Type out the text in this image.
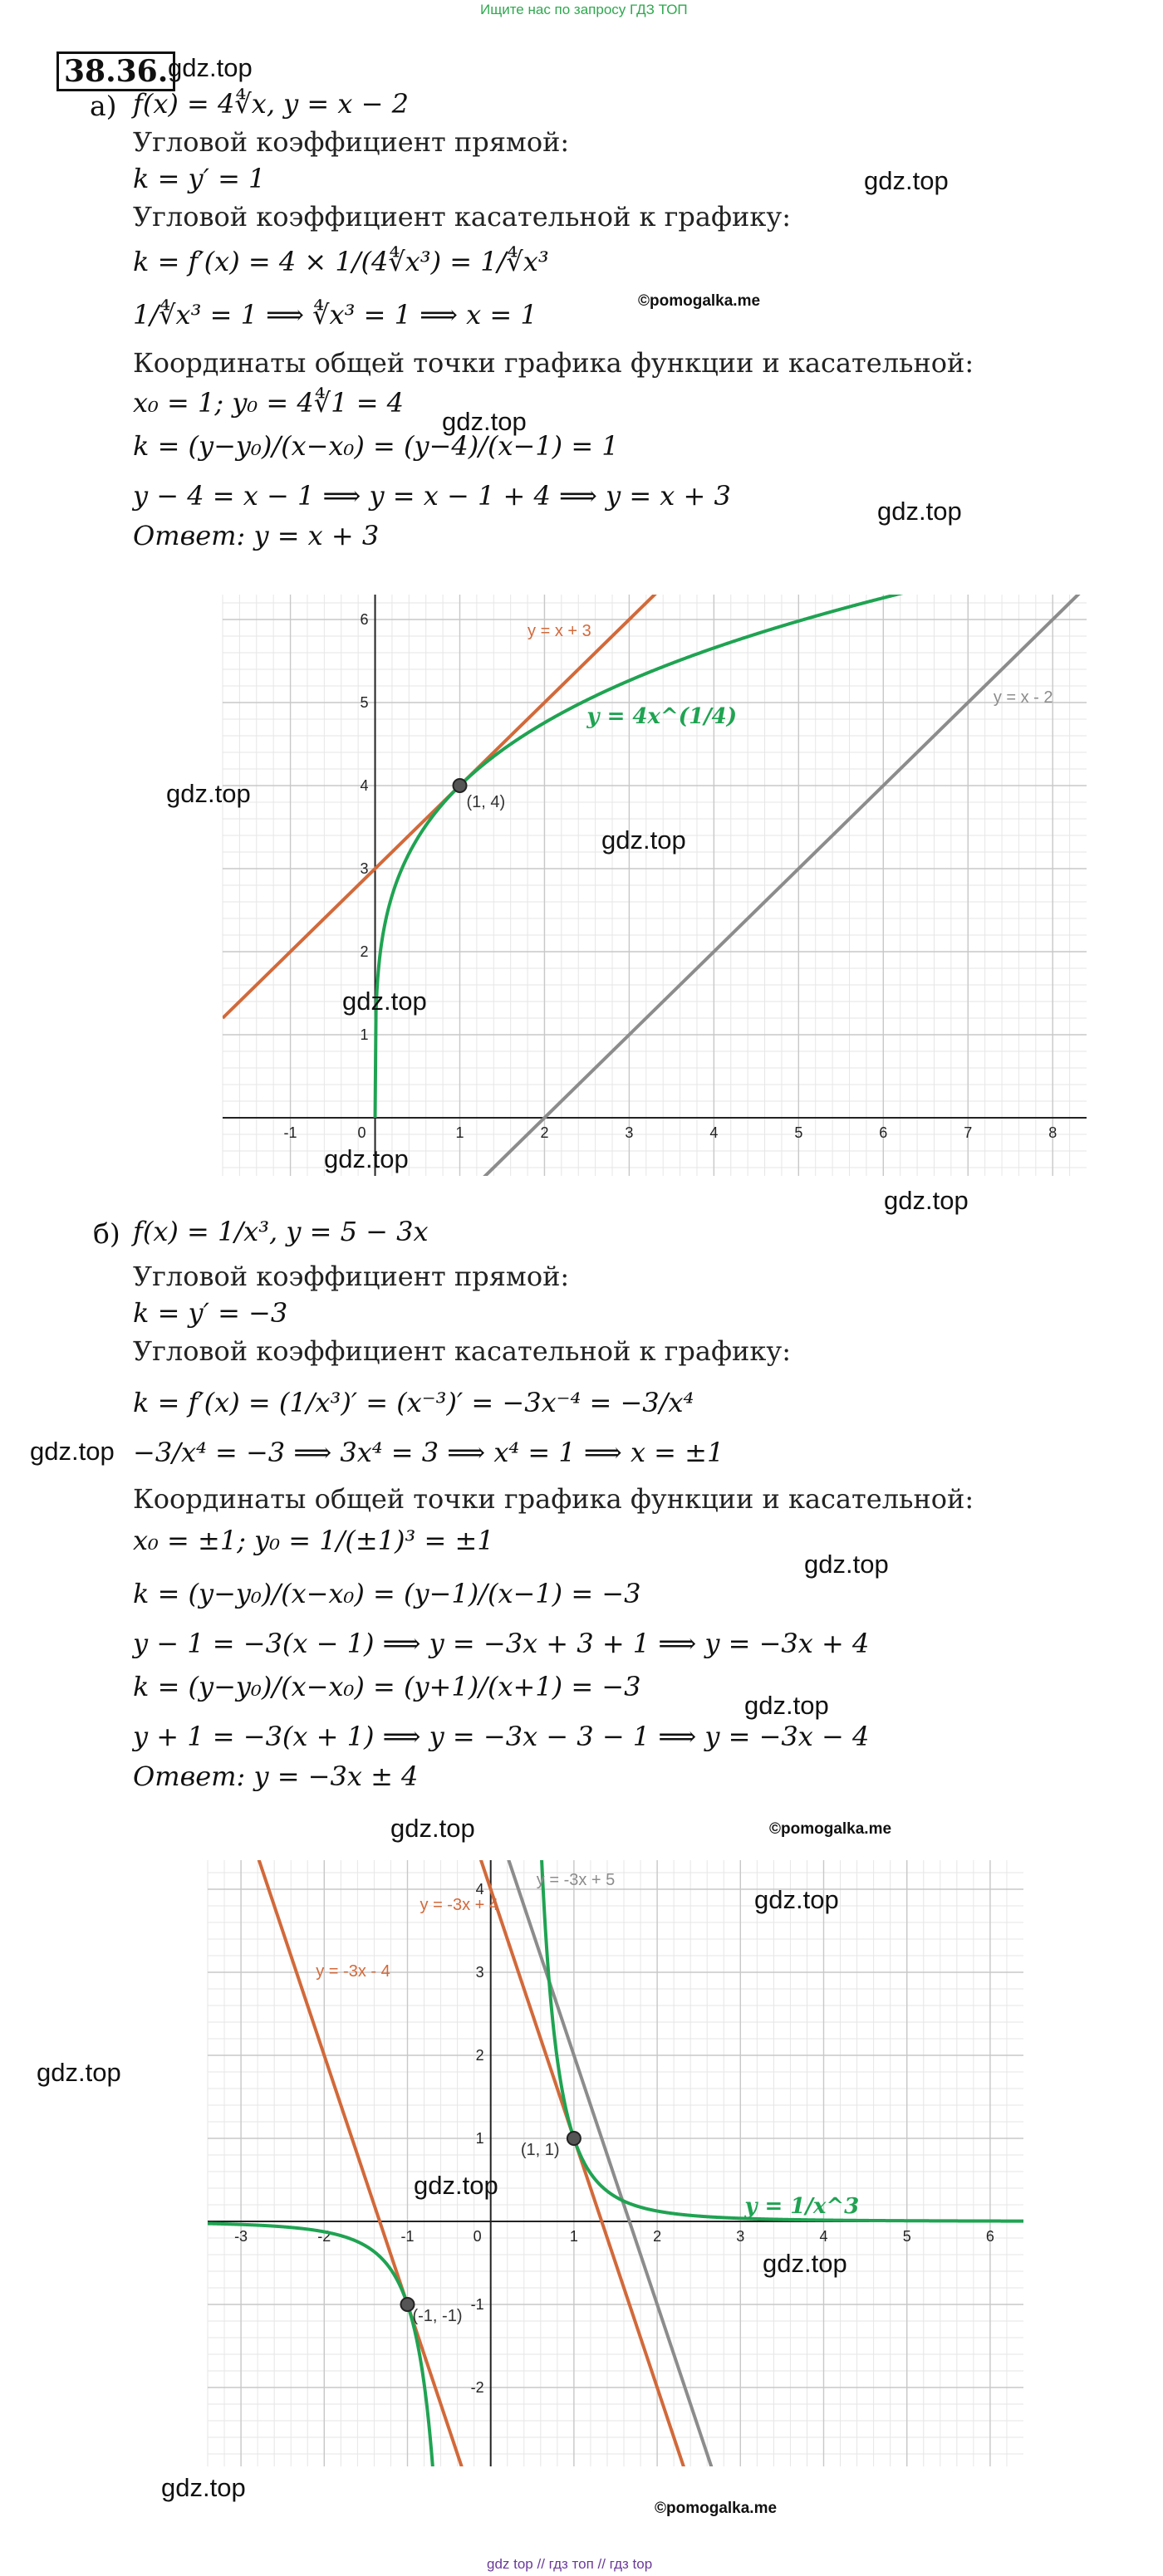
Ищите нас по запросу ГДЗ ТОП
38.36. gdz.top
а) f(x) = 4∜x, y = x − 2
Угловой коэффициент прямой:
k = y′ = 1
Угловой коэффициент касательной к графику:
k = f′(x) = 4 × 1/(4∜x³) = 1/∜x³
1/∜x³ = 1 ⟹ ∜x³ = 1 ⟹ x = 1
Координаты общей точки графика функции и касательной:
x₀ = 1; y₀ = 4∜1 = 4
k = (y−y₀)/(x−x₀) = (y−4)/(x−1) = 1
y − 4 = x − 1 ⟹ y = x − 1 + 4 ⟹ y = x + 3
Ответ: y = x + 3
gdz.top
©pomogalka.me
gdz.top
gdz.top
-1	0	1	2	3	4	5	6	7	8
1
2
3
4
5
6
y = x + 3
y = 4x^(1/4)
y = x - 2
(1, 4)
gdz.top
gdz.top
gdz.top
gdz.top
gdz.top
б) f(x) = 1/x³, y = 5 − 3x
Угловой коэффициент прямой:
k = y′ = −3
Угловой коэффициент касательной к графику:
k = f′(x) = (1/x³)′ = (x⁻³)′ = −3x⁻⁴ = −3/x⁴
−3/x⁴ = −3 ⟹ 3x⁴ = 3 ⟹ x⁴ = 1 ⟹ x = ±1
Координаты общей точки графика функции и касательной:
x₀ = ±1; y₀ = 1/(±1)³ = ±1
k = (y−y₀)/(x−x₀) = (y−1)/(x−1) = −3
y − 1 = −3(x − 1) ⟹ y = −3x + 3 + 1 ⟹ y = −3x + 4
k = (y−y₀)/(x−x₀) = (y+1)/(x+1) = −3
y + 1 = −3(x + 1) ⟹ y = −3x − 3 − 1 ⟹ y = −3x − 4
Ответ: y = −3x ± 4
gdz.top
gdz.top
gdz.top
gdz.top	©pomogalka.me
-3	-2	-1	0	1	2	3	4	5	6
-2
-1
1
2
3
4
y = -3x - 4
y = -3x + 4
y = -3x + 5
y = 1/x^3
(1, 1)
(-1, -1)
gdz.top
gdz.top
gdz.top
gdz.top
gdz.top
©pomogalka.me
gdz top // гдз топ // гдз top
